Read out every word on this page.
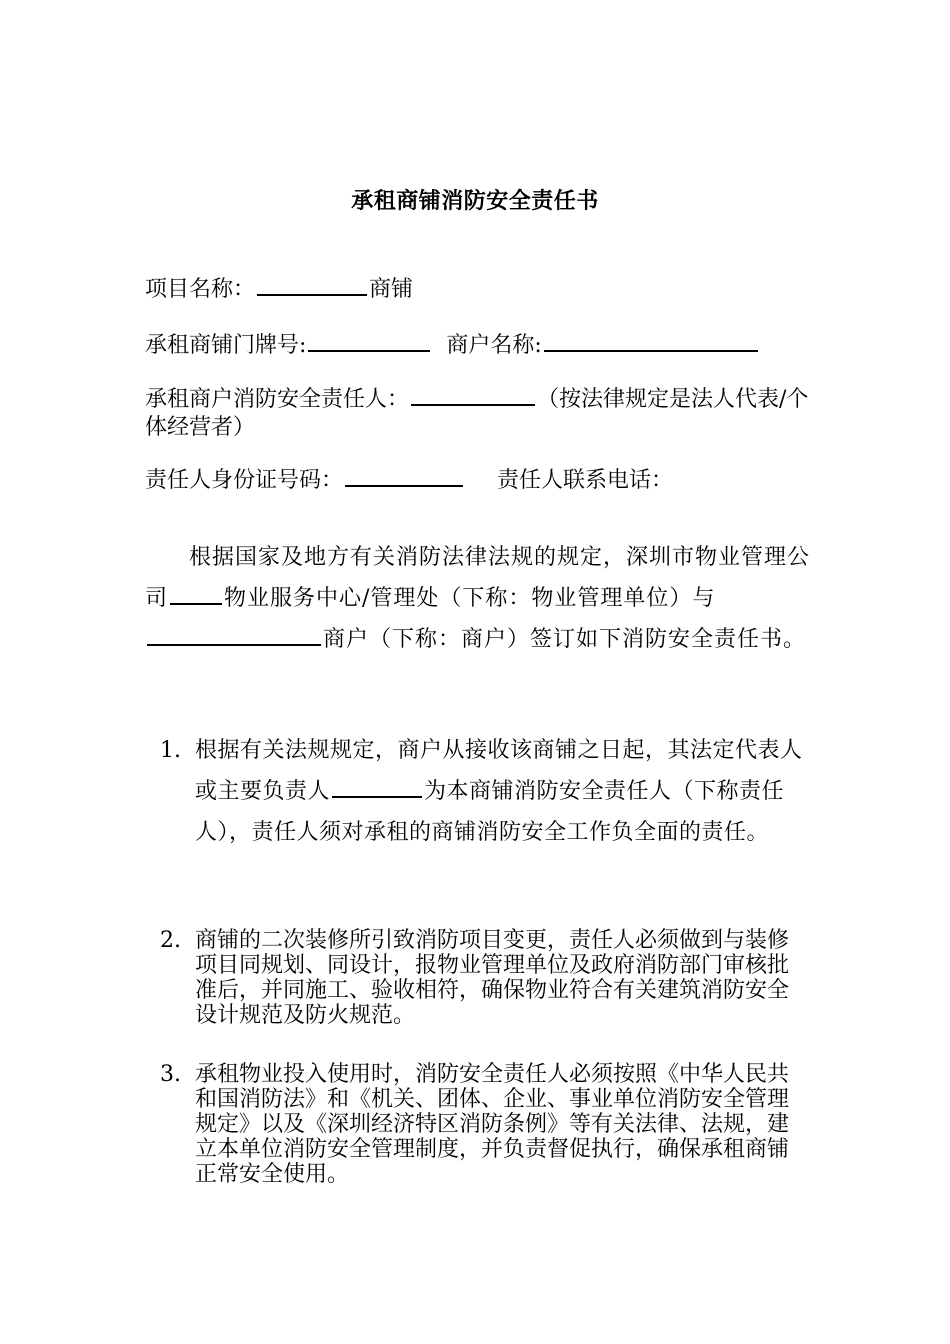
承租商铺消防安全责任书
项目名称：	商铺
承租商铺门牌号:	商户名称:
承租商户消防安全责任人：	（按法律规定是法人代表/个体经营者）
责任人身份证号码：	责任人联系电话：
根据国家及地方有关消防法律法规的规定，深圳市物业管理公司	物业服务中心/管理处（下称：物业管理单位）与商户（下称：商户）签订如下消防安全责任书。
1. 根据有关法规规定，商户从接收该商铺之日起，其法定代表人或主要负责人	为本商铺消防安全责任人（下称责任人），责任人须对承租的商铺消防安全工作负全面的责任。
2. 商铺的二次装修所引致消防项目变更，责任人必须做到与装修项目同规划、同设计，报物业管理单位及政府消防部门审核批准后，并同施工、验收相符，确保物业符合有关建筑消防安全设计规范及防火规范。
3. 承租物业投入使用时，消防安全责任人必须按照《中华人民共和国消防法》和《机关、团体、企业、事业单位消防安全管理规定》以及《深圳经济特区消防条例》等有关法律、法规，建立本单位消防安全管理制度，并负责督促执行，确保承租商铺正常安全使用。
